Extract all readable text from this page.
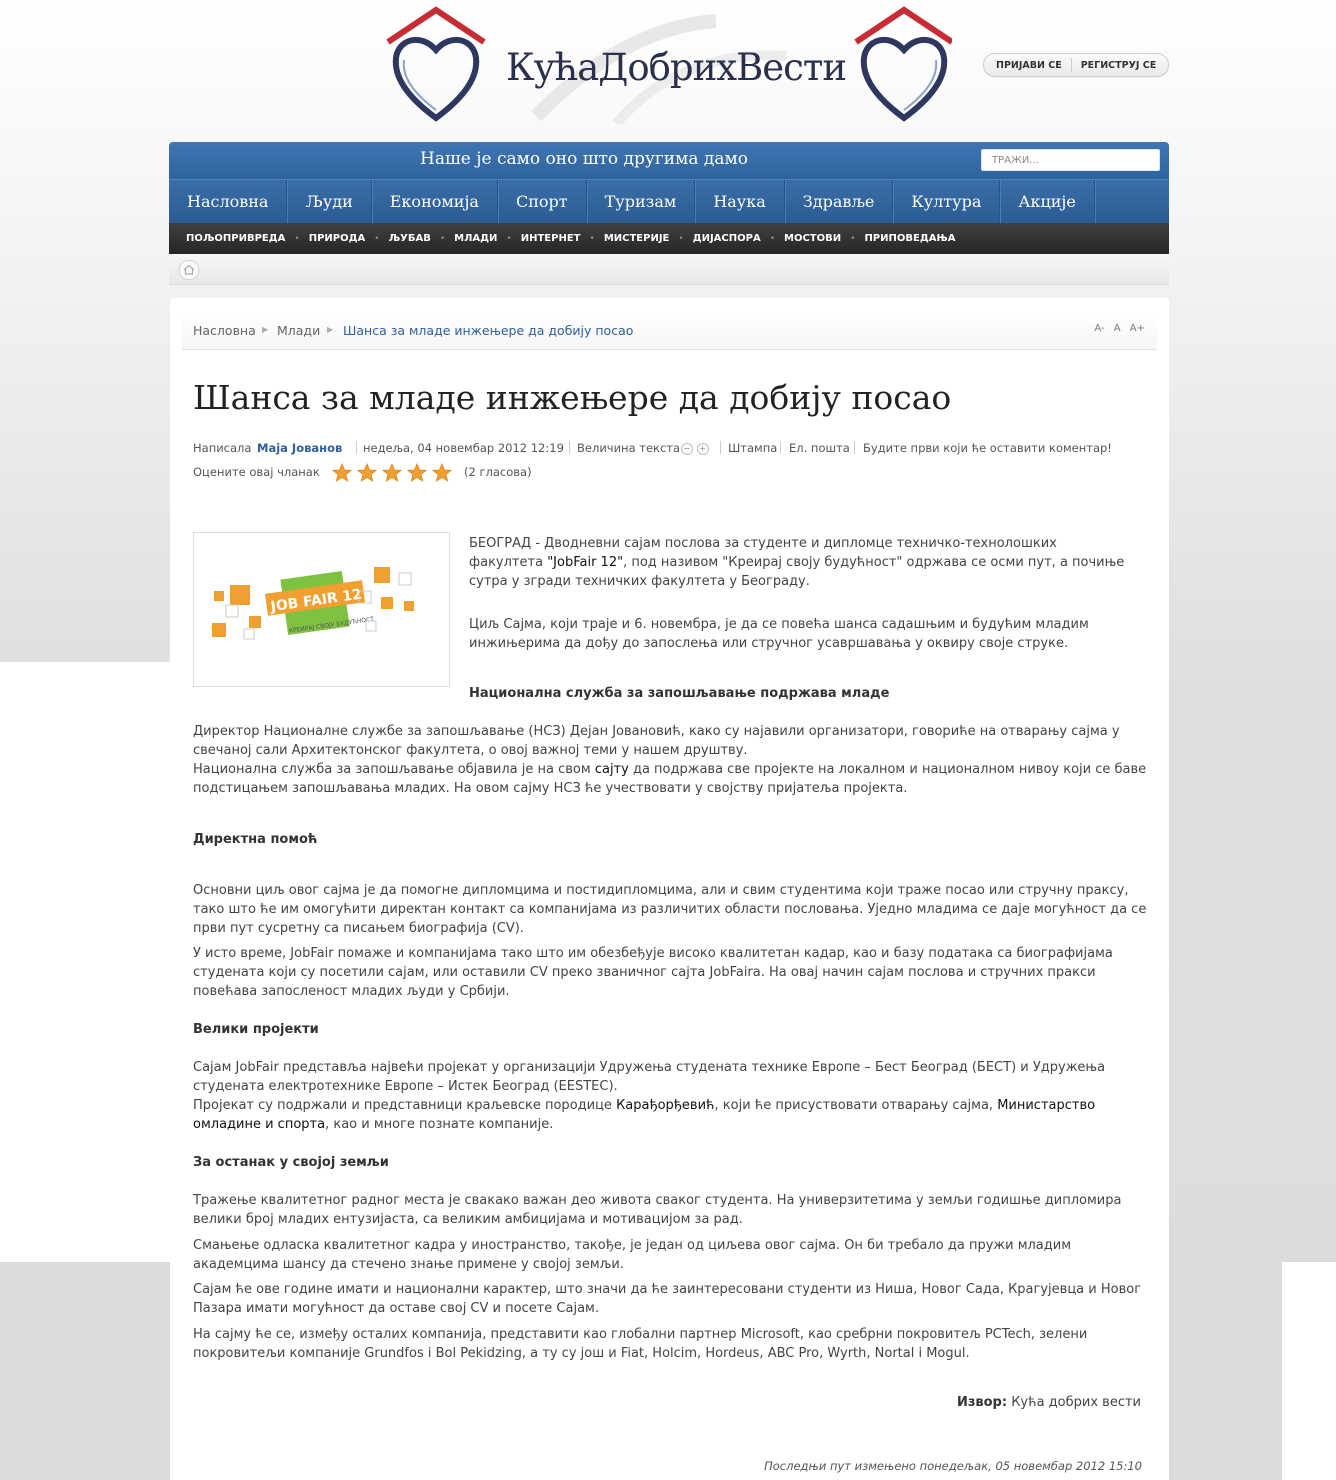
КућаДобрихВести	ПРИЈАВИ СЕ РЕГИСТРУЈ СЕ
Наше је само оно што другима дамо	ТРАЖИ...
Насловна	Људи	Економија	Спорт	Туризам	Наука	Здравље	Култура	Акције
ПОЉОПРИВРЕДА • ПРИРОДА • ЉУБАВ • МЛАДИ • ИНТЕРНЕТ • МИСТЕРИЈЕ • ДИЈАСПОРА • МОСТОВИ • ПРИПОВЕДАЊА
Насловна ▶ Млади ▶ Шанса за младе инжењере да добију посао	A- A A+
Шанса за младе инжењере да добију посао
Написала Маја Јованов недеља, 04 новембар 2012 12:19 Величина текста − + Штампа Ел. пошта Будите први који ће оставити коментар!
Оцените овај чланак	(2 гласова)
JOB FAIR 12
КРЕИРАЈ СВОЈУ БУДУЋНОСТ
БЕОГРАД - Дводневни сајам послова за студенте и дипломце техничко-технолошких факултета "JobFair 12", под називом "Креирај своју будућност" одржава се осми пут, а почиње сутра у згради техничких факултета у Београду.
Циљ Сајма, који траје и 6. новембра, је да се повећа шанса садашњим и будућим младим инжињерима да дођу до запослења или стручног усавршавања у оквиру своје струке.
Национална служба за запошљавање подржава младе
Директор Националне службе за запошљавање (НСЗ) Дејан Јовановић, како су најавили организатори, говориће на отварању сајма у свечаној сали Архитектонског факултета, о овој важној теми у нашем друштву.
Национална служба за запошљавање објавила је на свом сајту да подржава све пројекте на локалном и националном нивоу који се баве подстицањем запошљавања младих. На овом сајму НСЗ ће учествовати у својству пријатеља пројекта.
Директна помоћ
Основни циљ овог сајма је да помогне дипломцима и постидипломцима, али и свим студентима који траже посао или стручну праксу, тако што ће им омогућити директан контакт са компанијама из различитих области пословања. Уједно младима се даје могућност да се први пут сусретну са писањем биографија (CV).
У исто време, JobFair помаже и компанијама тако што им обезбеђује високо квалитетан кадар, као и базу података са биографијама студената који су посетили сајам, или оставили CV преко званичног сајта JobFaira. На овај начин сајам послова и стручних пракси повећава запосленост младих људи у Србији.
Велики пројекти
Сајам JobFair представља највећи пројекат у организацији Удружења студената технике Европе – Бест Београд (БЕСТ) и Удружења студената електротехнике Европе – Истек Београд (EESTEC).
Пројекат су подржали и представници краљевске породице Карађорђевић, који ће присуствовати отварању сајма, Министарство омладине и спорта, као и многе познате компаније.
За останак у својој земљи
Тражење квалитетног радног места је свакако важан део живота сваког студента. На универзитетима у земљи годишње дипломира велики број младих ентузијаста, са великим амбицијама и мотивацијом за рад.
Смањење одласка квалитетног кадра у иностранство, такође, је један од циљева овог сајма. Он би требало да пружи младим академцима шансу да стечено знање примене у својој земљи.
Сајам ће ове године имати и национални карактер, што значи да ће заинтересовани студенти из Ниша, Новог Сада, Крагујевца и Новог Пазара имати могућност да оставе свој CV и посете Сајам.
На сајму ће се, између осталих компанија, представити као глобални партнер Microsoft, као сребрни покровитељ PCTech, зелени покровитељи компаније Grundfos i Bol Pekidzing, а ту су још и Fiat, Holcim, Hordeus, ABC Pro, Wyrth, Nortal i Mogul.
Извор: Кућа добрих вести
Последњи пут измењено понедељак, 05 новембар 2012 15:10
